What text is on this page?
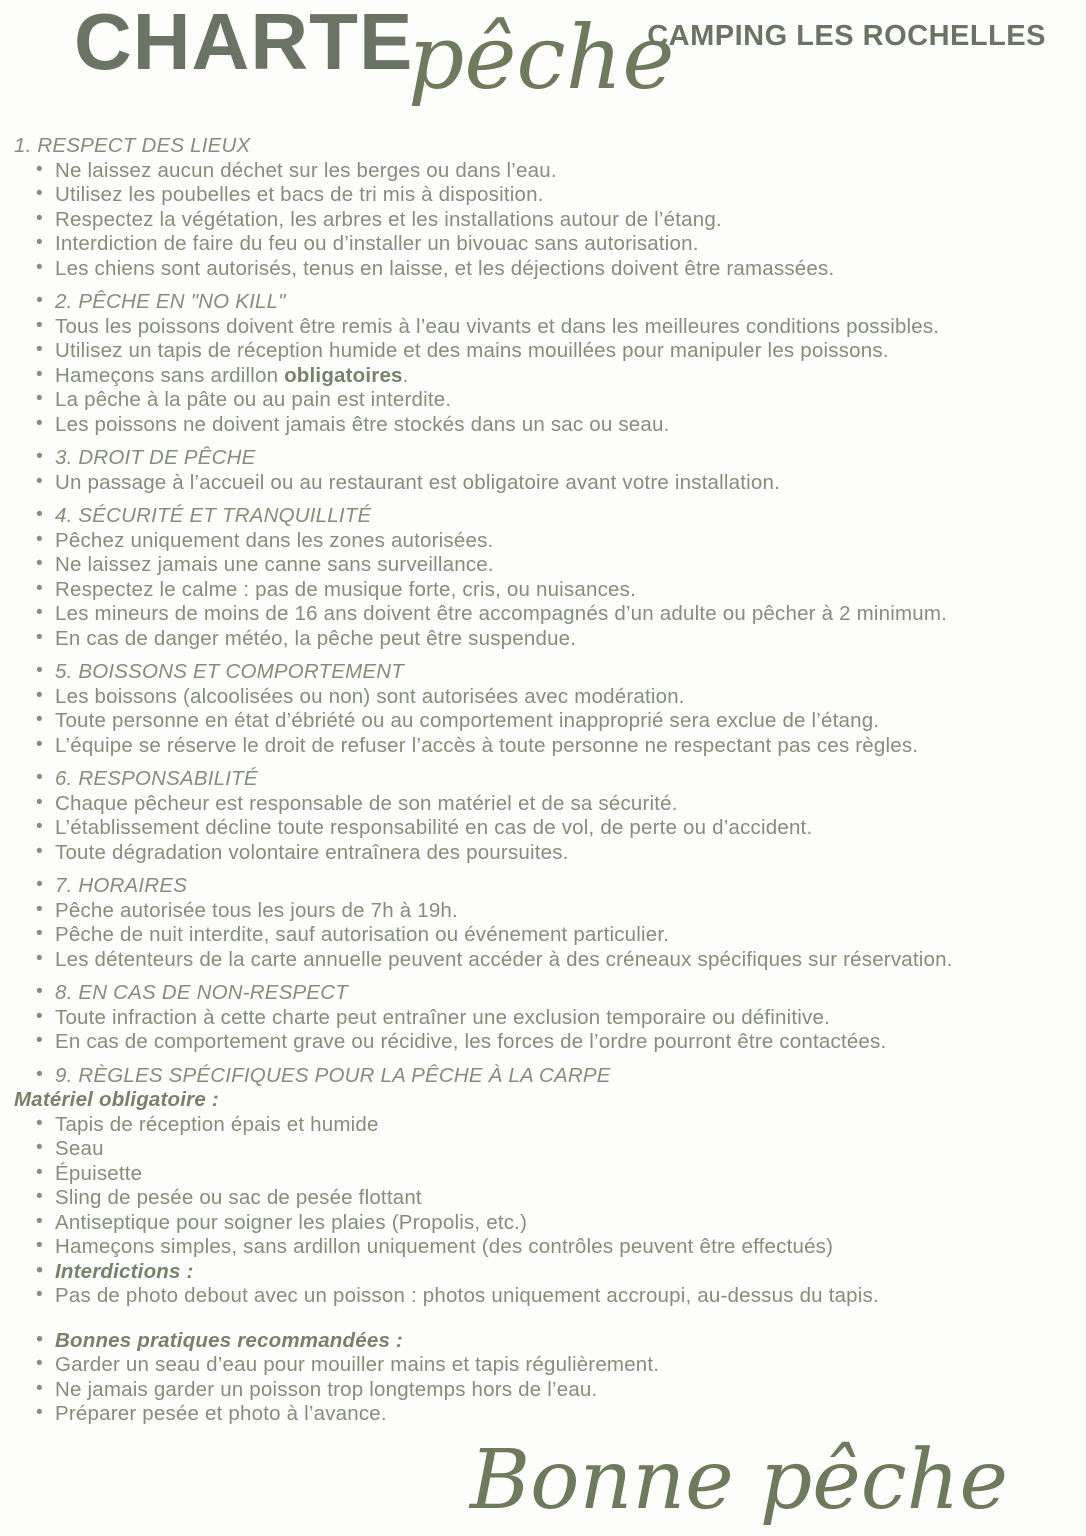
CHARTE
pêche
CAMPING LES ROCHELLES
1. RESPECT DES LIEUX
• Ne laissez aucun déchet sur les berges ou dans l’eau.
• Utilisez les poubelles et bacs de tri mis à disposition.
• Respectez la végétation, les arbres et les installations autour de l’étang.
• Interdiction de faire du feu ou d’installer un bivouac sans autorisation.
• Les chiens sont autorisés, tenus en laisse, et les déjections doivent être ramassées.
• 2. PÊCHE EN "NO KILL"
• Tous les poissons doivent être remis à l’eau vivants et dans les meilleures conditions possibles.
• Utilisez un tapis de réception humide et des mains mouillées pour manipuler les poissons.
• Hameçons sans ardillon obligatoires.
• La pêche à la pâte ou au pain est interdite.
• Les poissons ne doivent jamais être stockés dans un sac ou seau.
• 3. DROIT DE PÊCHE
• Un passage à l’accueil ou au restaurant est obligatoire avant votre installation.
• 4. SÉCURITÉ ET TRANQUILLITÉ
• Pêchez uniquement dans les zones autorisées.
• Ne laissez jamais une canne sans surveillance.
• Respectez le calme : pas de musique forte, cris, ou nuisances.
• Les mineurs de moins de 16 ans doivent être accompagnés d’un adulte ou pêcher à 2 minimum.
• En cas de danger météo, la pêche peut être suspendue.
• 5. BOISSONS ET COMPORTEMENT
• Les boissons (alcoolisées ou non) sont autorisées avec modération.
• Toute personne en état d’ébriété ou au comportement inapproprié sera exclue de l’étang.
• L’équipe se réserve le droit de refuser l’accès à toute personne ne respectant pas ces règles.
• 6. RESPONSABILITÉ
• Chaque pêcheur est responsable de son matériel et de sa sécurité.
• L’établissement décline toute responsabilité en cas de vol, de perte ou d’accident.
• Toute dégradation volontaire entraînera des poursuites.
• 7. HORAIRES
• Pêche autorisée tous les jours de 7h à 19h.
• Pêche de nuit interdite, sauf autorisation ou événement particulier.
• Les détenteurs de la carte annuelle peuvent accéder à des créneaux spécifiques sur réservation.
• 8. EN CAS DE NON-RESPECT
• Toute infraction à cette charte peut entraîner une exclusion temporaire ou définitive.
• En cas de comportement grave ou récidive, les forces de l’ordre pourront être contactées.
• 9. RÈGLES SPÉCIFIQUES POUR LA PÊCHE À LA CARPE
Matériel obligatoire :
• Tapis de réception épais et humide
• Seau
• Épuisette
• Sling de pesée ou sac de pesée flottant
• Antiseptique pour soigner les plaies (Propolis, etc.)
• Hameçons simples, sans ardillon uniquement (des contrôles peuvent être effectués)
• Interdictions :
• Pas de photo debout avec un poisson : photos uniquement accroupi, au-dessus du tapis.
• Bonnes pratiques recommandées :
• Garder un seau d’eau pour mouiller mains et tapis régulièrement.
• Ne jamais garder un poisson trop longtemps hors de l’eau.
• Préparer pesée et photo à l’avance.
Bonne pêche
